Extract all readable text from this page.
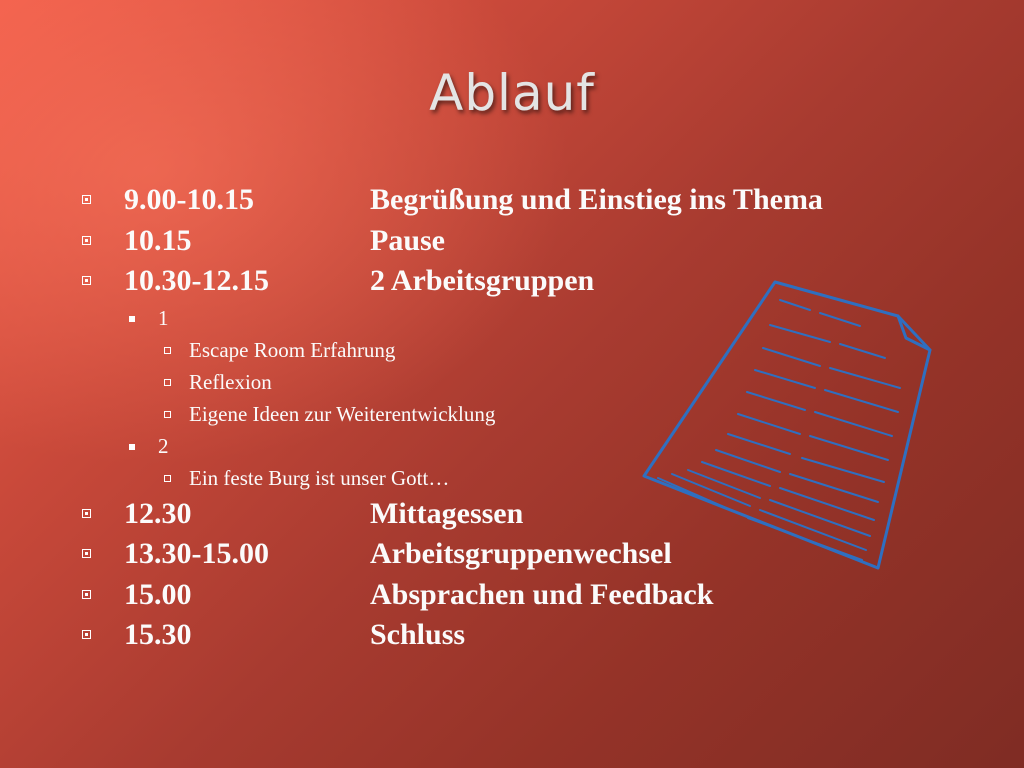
Ablauf
9.00-10.15	Begrüßung und Einstieg ins Thema
10.15	Pause
10.30-12.15	2 Arbeitsgruppen
1
Escape Room Erfahrung
Reflexion
Eigene Ideen zur Weiterentwicklung
2
Ein feste Burg ist unser Gott…
12.30	Mittagessen
13.30-15.00	Arbeitsgruppenwechsel
15.00	Absprachen und Feedback
15.30	Schluss
